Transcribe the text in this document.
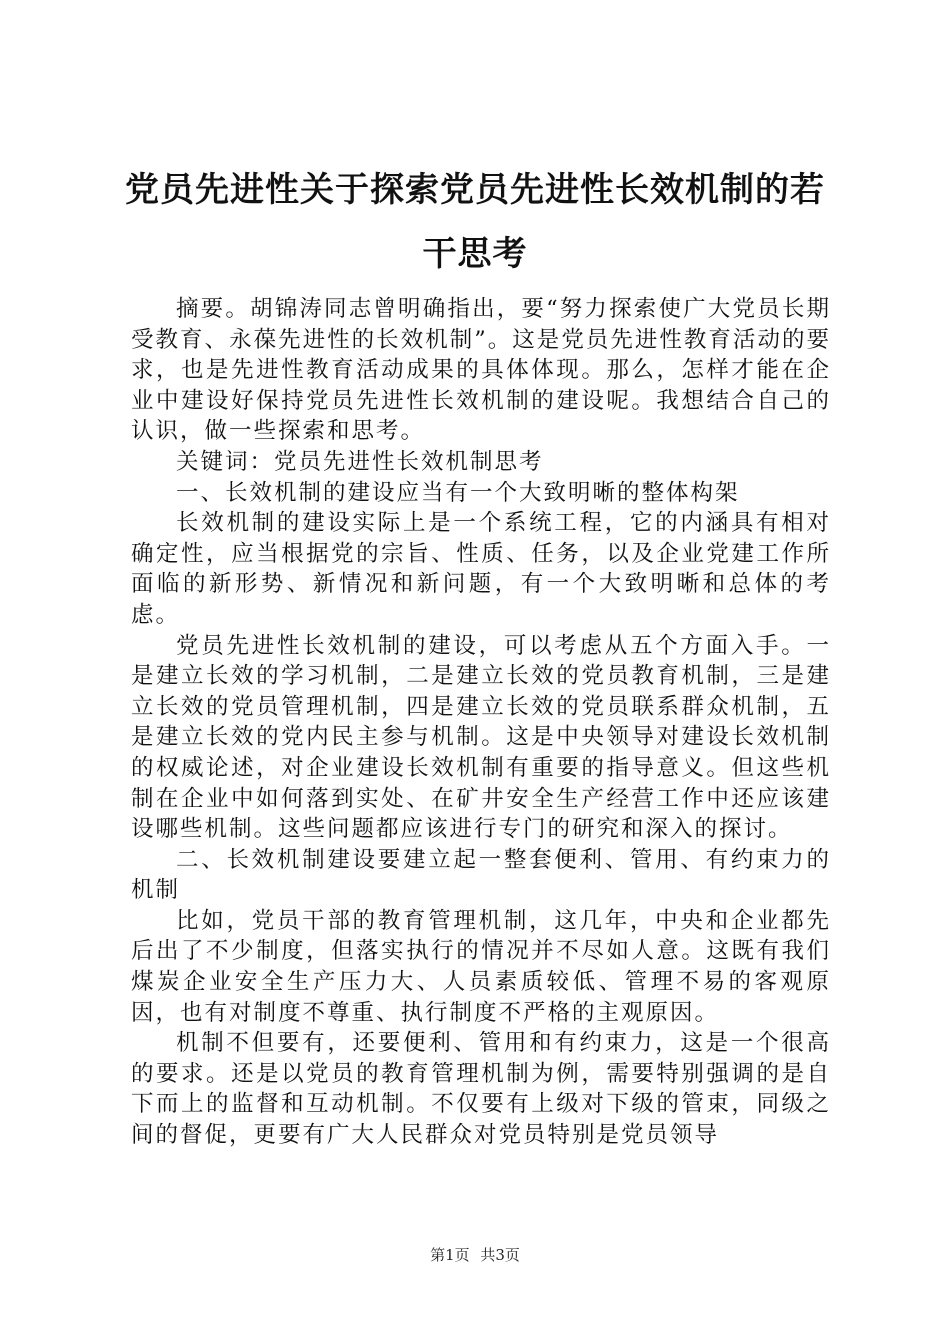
党员先进性关于探索党员先进性长效机制的若干思考

摘要。胡锦涛同志曾明确指出，要“努力探索使广大党员长期受教育、永葆先进性的长效机制”。这是党员先进性教育活动的要求，也是先进性教育活动成果的具体体现。那么，怎样才能在企业中建设好保持党员先进性长效机制的建设呢。我想结合自己的认识，做一些探索和思考。

关键词：党员先进性长效机制思考

一、长效机制的建设应当有一个大致明晰的整体构架

长效机制的建设实际上是一个系统工程，它的内涵具有相对确定性，应当根据党的宗旨、性质、任务，以及企业党建工作所面临的新形势、新情况和新问题，有一个大致明晰和总体的考虑。

党员先进性长效机制的建设，可以考虑从五个方面入手。一是建立长效的学习机制，二是建立长效的党员教育机制，三是建立长效的党员管理机制，四是建立长效的党员联系群众机制，五是建立长效的党内民主参与机制。这是中央领导对建设长效机制的权威论述，对企业建设长效机制有重要的指导意义。但这些机制在企业中如何落到实处、在矿井安全生产经营工作中还应该建设哪些机制。这些问题都应该进行专门的研究和深入的探讨。

二、长效机制建设要建立起一整套便利、管用、有约束力的机制

比如，党员干部的教育管理机制，这几年，中央和企业都先后出了不少制度，但落实执行的情况并不尽如人意。这既有我们煤炭企业安全生产压力大、人员素质较低、管理不易的客观原因，也有对制度不尊重、执行制度不严格的主观原因。

机制不但要有，还要便利、管用和有约束力，这是一个很高的要求。还是以党员的教育管理机制为例，需要特别强调的是自下而上的监督和互动机制。不仅要有上级对下级的管束，同级之间的督促，更要有广大人民群众对党员特别是党员领导

第1页 共3页
